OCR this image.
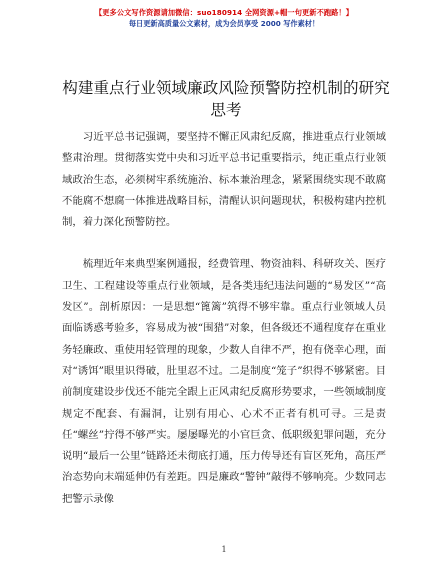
【更多公文写作资源请加微信：suo180914 全网资源+帽一句更新不跑路！】
每日更新高质量公文素材，成为会员享受 2000 写作素材！
构建重点行业领域廉政风险预警防控机制的研究思考

习近平总书记强调，要坚持不懈正风肃纪反腐，推进重点行业领域整肃治理。贯彻落实党中央和习近平总书记重要指示，纯正重点行业领域政治生态，必须树牢系统施治、标本兼治理念，紧紧围绕实现不敢腐不能腐不想腐一体推进战略目标，清醒认识问题现状，积极构建内控机制，着力深化预警防控。

梳理近年来典型案例通报，经费管理、物资油料、科研攻关、医疗卫生、工程建设等重点行业领域，是各类违纪违法问题的“易发区”“高发区”。剖析原因：一是思想“篦篱”筑得不够牢靠。重点行业领域人员面临诱惑考验多，容易成为被“围猎”对象，但各级还不通程度存在重业务轻廉政、重使用轻管理的现象，少数人自律不严，抱有侥幸心理，面对“诱饵”眼里识得破，肚里忍不过。二是制度“笼子”织得不够紧密。目前制度建设步伐还不能完全跟上正风肃纪反腐形势要求，一些领域制度规定不配套、有漏洞，让别有用心、心术不正者有机可寻。三是责任“螺丝”拧得不够严实。屡屡曝光的小官巨贪、低职级犯罪问题，充分说明“最后一公里”链路还未彻底打通，压力传导还有盲区死角，高压严治态势向末端延伸仍有差距。四是廉政“警钟”敲得不够响亮。少数同志把警示录像

1
